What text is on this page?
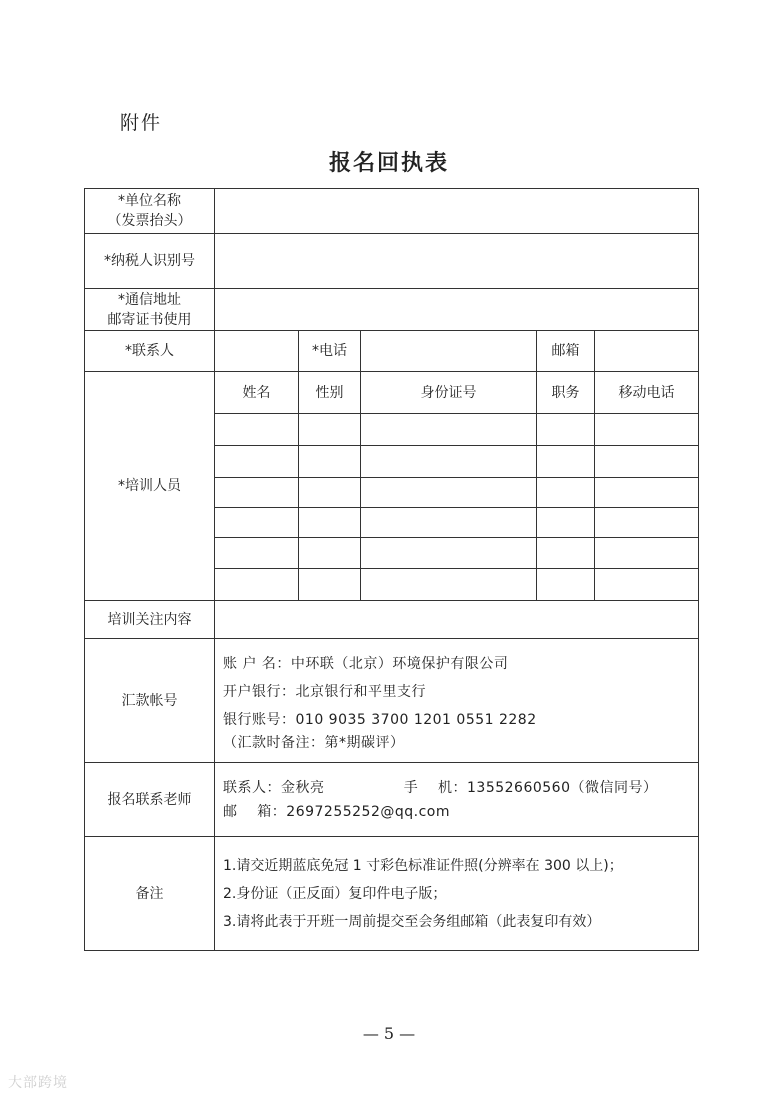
附件
报名回执表
*单位名称
（发票抬头）					

*纳税人识别号					

*通信地址
邮寄证书使用					

*联系人		*电话		邮箱	
*培训人员	姓名	性别	身份证号	职务	移动电话

培训关注内容					
汇款帐号	账 户 名：中环联（北京）环境保护有限公司
开户银行：北京银行和平里支行
银行账号：010 9035 3700 1201 0551 2282
（汇款时备注：第*期碳评）				

报名联系老师	联系人：金秋亮                手    机：13552660560（微信同号）
邮    箱：2697255252@qq.com				

备注	1.请交近期蓝底免冠 1 寸彩色标准证件照(分辨率在 300 以上)；
2.身份证（正反面）复印件电子版；
3.请将此表于开班一周前提交至会务组邮箱（此表复印有效）				
— 5 —
大部跨境
